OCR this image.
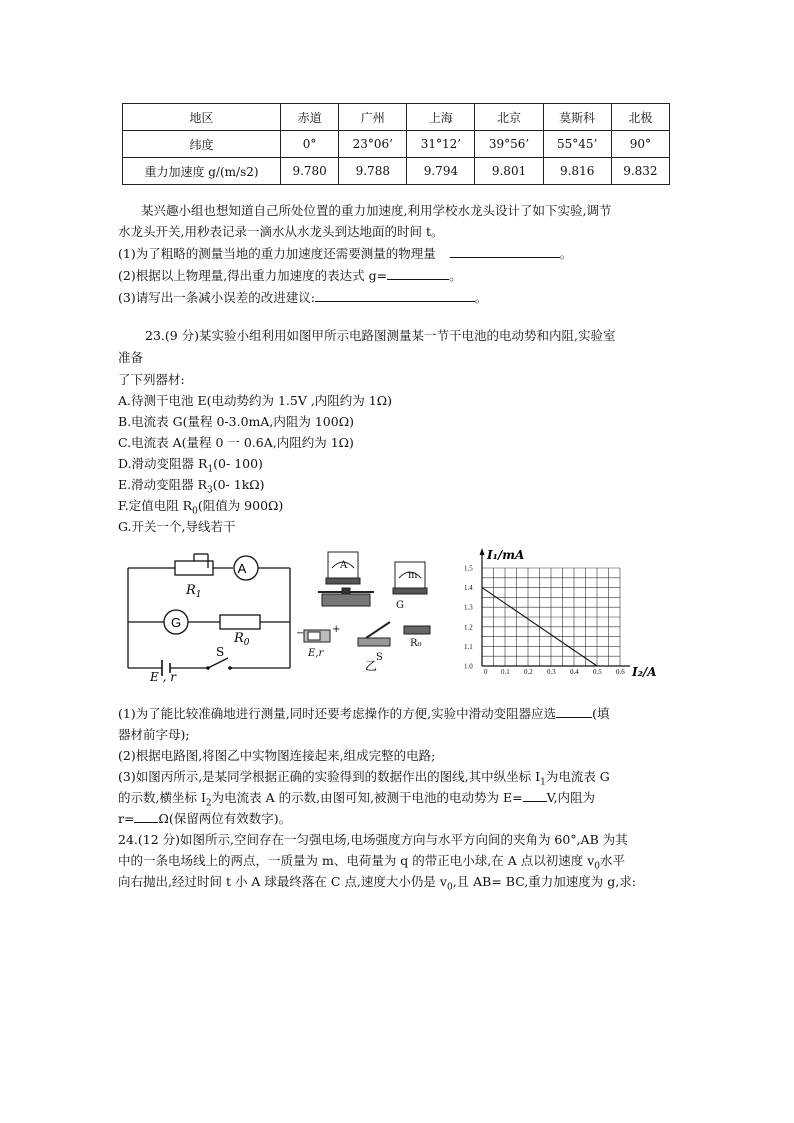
地区	赤道	广州	上海	北京	莫斯科	北极
纬度	0°	23°06’	31°12’	39°56’	55°45’	90°
重力加速度 g/(m/s2)	9.780	9.788	9.794	9.801	9.816	9.832
某兴趣小组也想知道自己所处位置的重力加速度,利用学校水龙头设计了如下实验,调节
水龙头开关,用秒表记录一滴水从水龙头到达地面的时间 t。
(1)为了粗略的测量当地的重力加速度还需要测量的物理量	。
(2)根据以上物理量,得出重力加速度的表达式 g=	。
(3)请写出一条减小误差的改进建议:	。
23.(9 分)某实验小组利用如图甲所示电路图测量某一节干电池的电动势和内阻,实验室
准备
了下列器材:
A.待测干电池 E(电动势约为 1.5V ,内阻约为 1Ω)
B.电流表 G(量程 0-3.0mA,内阻为 100Ω)
C.电流表 A(量程 0 一 0.6A,内阻约为 1Ω)
D.滑动变阻器 $R_1(0-$ 100)
E.滑动变阻器 $R_3(0-$ 1kΩ)
F.定值电阻 $R_0$(阻值为 900Ω)
G.开关一个,导线若干
A
G
$R_1$
$R_0$
E , r
S
A
m
G
−	+
E,r	S
R₀
乙
1.5
1.4
1.3
1.2
1.1
1.0
0 0.1 0.2 0.3 0.4 0.5 0.6
I₁/mA
I₂/A
(1)为了能比较准确地进行测量,同时还要考虑操作的方便,实验中滑动变阻器应选	(填
器材前字母);
(2)根据电路图,将图乙中实物图连接起来,组成完整的电路;
(3)如图丙所示,是某同学根据正确的实验得到的数据作出的图线,其中纵坐标 $I_1$为电流表 G
的示数,横坐标 $I_2$为电流表 A 的示数,由图可知,被测干电池的电动势为 E= V,内阻为
r= Ω(保留两位有效数字)。
24.(12 分)如图所示,空间存在一匀强电场,电场强度方向与水平方向间的夹角为 60°,AB 为其
中的一条电场线上的两点，一质量为 m、电荷量为 q 的带正电小球,在 A 点以初速度 $v_0$水平
向右抛出,经过时间 t 小 A 球最终落在 C 点,速度大小仍是 $v_0$,且 AB= BC,重力加速度为 g,求:
